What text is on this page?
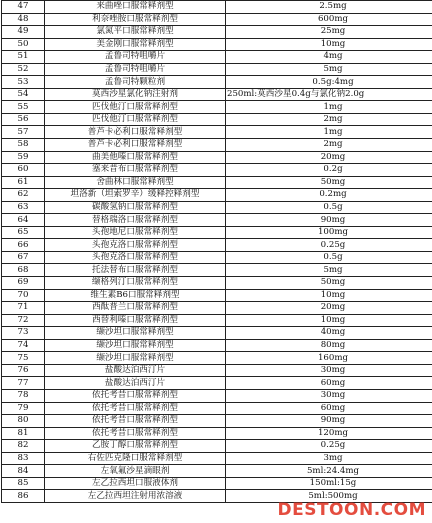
47	来曲唑口服常释剂型	2.5mg
48	利奈唑胺口服常释剂型	600mg
49	氯氮平口服常释剂型	25mg
50	美金刚口服常释剂型	10mg
51	孟鲁司特咀嚼片	4mg
52	孟鲁司特咀嚼片	5mg
53	孟鲁司特颗粒剂	0.5g:4mg
54	莫西沙星氯化钠注射剂	250ml:莫西沙星0.4g与氯化钠2.0g
55	匹伐他汀口服常释剂型	1mg
56	匹伐他汀口服常释剂型	2mg
57	普芦卡必利口服常释剂型	1mg
58	普芦卡必利口服常释剂型	2mg
59	曲美他嗪口服常释剂型	20mg
60	塞来昔布口服常释剂型	0.2g
61	舍曲林口服常释剂型	50mg
62	坦洛新（坦索罗辛）缓释控释剂型	0.2mg
63	碳酸氢钠口服常释剂型	0.5g
64	替格瑞洛口服常释剂型	90mg
65	头孢地尼口服常释剂型	100mg
66	头孢克洛口服常释剂型	0.25g
67	头孢克洛口服常释剂型	0.5g
68	托法替布口服常释剂型	5mg
69	缬格列汀口服常释剂型	50mg
70	维生素B6口服常释剂型	10mg
71	西酞普兰口服常释剂型	20mg
72	西替利嗪口服常释剂型	10mg
73	缬沙坦口服常释剂型	40mg
74	缬沙坦口服常释剂型	80mg
75	缬沙坦口服常释剂型	160mg
76	盐酸达泊西汀片	30mg
77	盐酸达泊西汀片	60mg
78	依托考昔口服常释剂型	30mg
79	依托考昔口服常释剂型	60mg
80	依托考昔口服常释剂型	90mg
81	依托考昔口服常释剂型	120mg
82	乙胺丁醇口服常释剂型	0.25g
83	右佐匹克隆口服常释剂型	3mg
84	左氧氟沙星滴眼剂	5ml:24.4mg
85	左乙拉西坦口服液体剂	150ml:15g
86	左乙拉西坦注射用浓溶液	5ml:500mg
DESTOON.COM
